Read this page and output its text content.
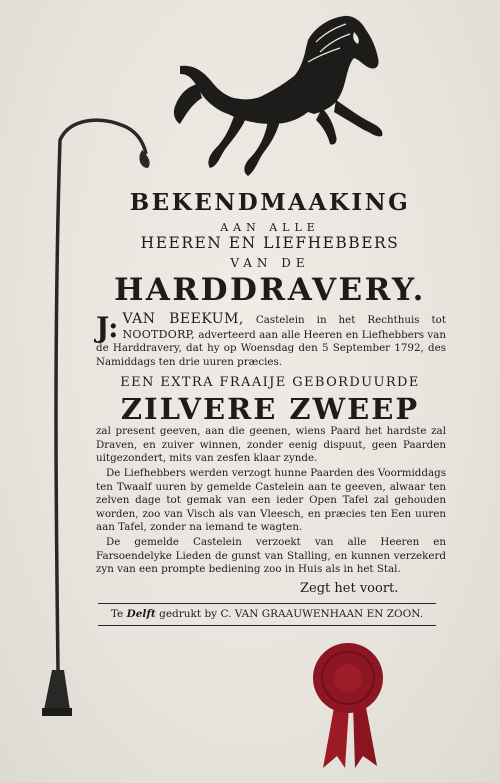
BEKENDMAAKING

AAN ALLE

HEEREN EN LIEFHEBBERS

VAN DE

HARDDRAVERY.

J: VAN BEEKUM, Castelein in het Rechthuis tot NOOTDORP, adverteerd aan alle Heeren en Liefhebbers van de Harddravery, dat hy op Woensdag den 5 September 1792, des Namiddags ten drie uuren præcies.

EEN EXTRA FRAAIJE GEBORDUURDE

ZILVERE ZWEEP

zal present geeven, aan die geenen, wiens Paard het hardste zal Draven, en zuiver winnen, zonder eenig dispuut, geen Paarden uitgezondert, mits van zesfen klaar zynde.

De Liefhebbers werden verzogt hunne Paarden des Voormiddags ten Twaalf uuren by gemelde Castelein aan te geeven, alwaar ten zelven dage tot gemak van een ieder Open Tafel zal gehouden worden, zoo van Visch als van Vleesch, en præcies ten Een uuren aan Tafel, zonder na iemand te wagten.

De gemelde Castelein verzoekt van alle Heeren en Farsoendelyke Lieden de gunst van Stalling, en kunnen verzekerd zyn van een prompte bediening zoo in Huis als in het Stal.

Zegt het voort.

Te Delft gedrukt by C. VAN GRAAUWENHAAN EN ZOON.
